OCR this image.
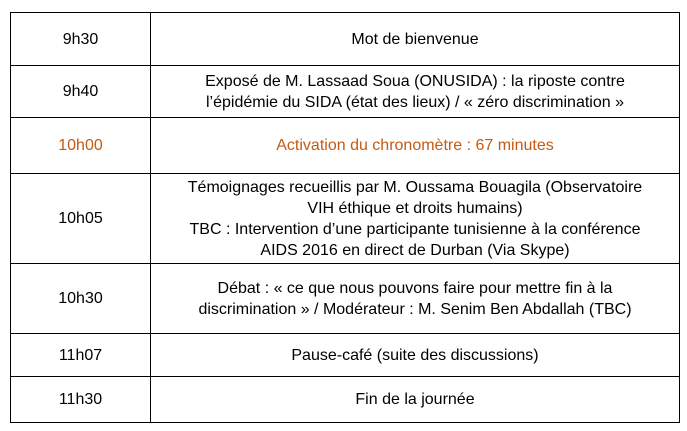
9h30	Mot de bienvenue

9h40	Exposé de M. Lassaad Soua (ONUSIDA) : la riposte contre
l’épidémie du SIDA (état des lieux) / « zéro discrimination »

10h00	Activation du chronomètre : 67 minutes

10h05	Témoignages recueillis par M. Oussama Bouagila (Observatoire
VIH éthique et droits humains)
TBC : Intervention d’une participante tunisienne à la conférence
AIDS 2016 en direct de Durban (Via Skype)

10h30	Débat : « ce que nous pouvons faire pour mettre fin à la
discrimination » / Modérateur : M. Senim Ben Abdallah (TBC)

11h07	Pause-café (suite des discussions)

11h30	Fin de la journée
